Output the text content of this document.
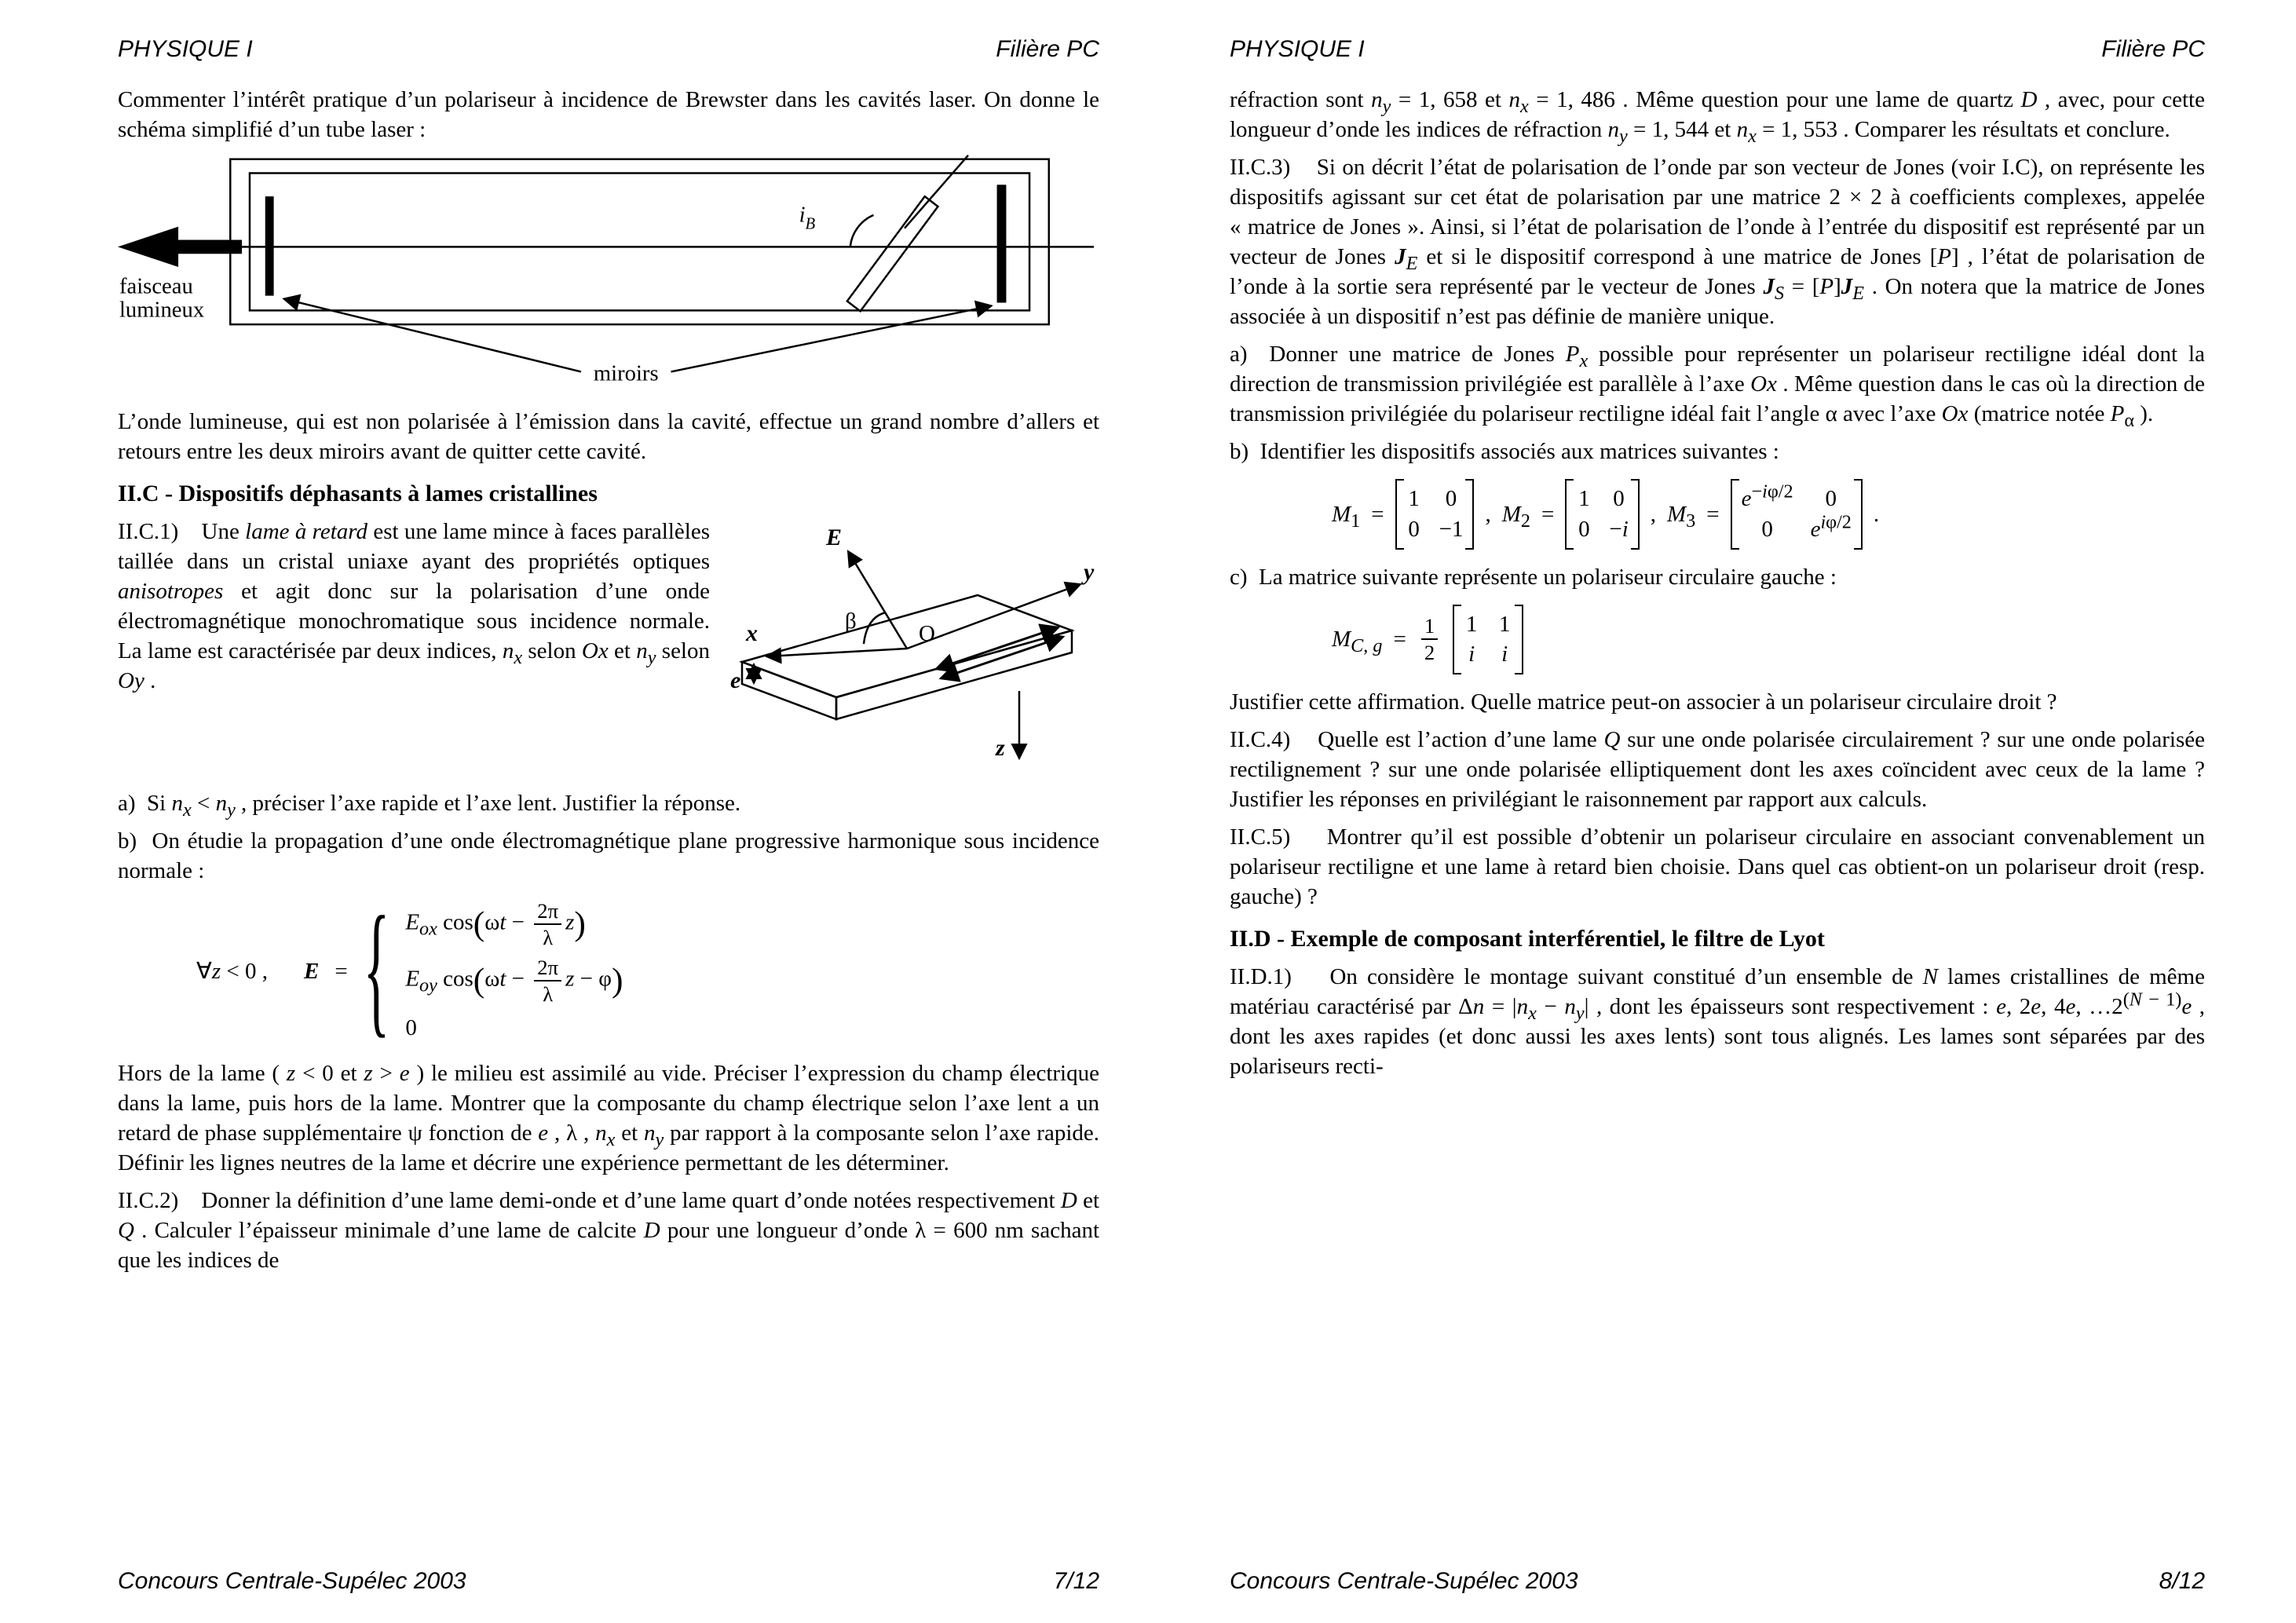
PHYSIQUE I	Filière PC

Commenter l’intérêt pratique d’un polariseur à incidence de Brewster dans les cavités laser. On donne le schéma simplifié d’un tube laser :

$i_B$
faisceau
lumineux
miroirs

L’onde lumineuse, qui est non polarisée à l’émission dans la cavité, effectue un grand nombre d’allers et retours entre les deux miroirs avant de quitter cette cavité.

II.C - Dispositifs déphasants à lames cristallines
E
y
x	O
β
e
z

II.C.1)    Une lame à retard est une lame mince à faces parallèles taillée dans un cristal uniaxe ayant des propriétés optiques anisotropes et agit donc sur la polarisation d’une onde électromagnétique monochromatique sous incidence normale. La lame est caractérisée par deux indices, $n_x$ selon Ox et $n_y$ selon Oy .

a)  Si $n_x < n_y$ , préciser l’axe rapide et l’axe lent. Justifier la réponse.

b)  On étudie la propagation d’une onde électromagnétique plane progressive harmonique sous incidence normale :

∀z < 0 , E = { $E_{ox}$ $\cos(\omega t - \frac{2\pi}{\lambda} z)$
$E_{oy}$ $\cos(\omega t - \frac{2\pi}{\lambda}$ z − φ)
0

Hors de la lame ( z < 0 et z > e ) le milieu est assimilé au vide. Préciser l’expression du champ électrique dans la lame, puis hors de la lame. Montrer que la composante du champ électrique selon l’axe lent a un retard de phase supplémentaire ψ fonction de e , λ , $n_x$ et $n_y$ par rapport à la composante selon l’axe rapide. Définir les lignes neutres de la lame et décrire une expérience permettant de les déterminer.

II.C.2)    Donner la définition d’une lame demi-onde et d’une lame quart d’onde notées respectivement D et Q . Calculer l’épaisseur minimale d’une lame de calcite D pour une longueur d’onde λ = 600 nm sachant que les indices de

Concours Centrale-Supélec 2003	7/12
PHYSIQUE I	Filière PC

réfraction sont $n_y = 1$, 658 et $n_x = 1$, 486 . Même question pour une lame de quartz D , avec, pour cette longueur d’onde les indices de réfraction $n_y = 1$, 544 et $n_x = 1$, 553 . Comparer les résultats et conclure.

II.C.3)    Si on décrit l’état de polarisation de l’onde par son vecteur de Jones (voir I.C), on représente les dispositifs agissant sur cet état de polarisation par une matrice 2 × 2 à coefficients complexes, appelée « matrice de Jones ». Ainsi, si l’état de polarisation de l’onde à l’entrée du dispositif est représenté par un vecteur de Jones $J_E$ et si le dispositif correspond à une matrice de Jones [P] , l’état de polarisation de l’onde à la sortie sera représenté par le vecteur de Jones $J_S = [P]J_E$ . On notera que la matrice de Jones associée à un dispositif n’est pas définie de manière unique.

a)  Donner une matrice de Jones $P_x$ possible pour représenter un polariseur rectiligne idéal dont la direction de transmission privilégiée est parallèle à l’axe Ox . Même question dans le cas où la direction de transmission privilégiée du polariseur rectiligne idéal fait l’angle α avec l’axe Ox (matrice notée $P_\alpha$ ).

b)  Identifier les dispositifs associés aux matrices suivantes :

$M_1$ =
1 0
0 −1
, $M_2$ =
1 0
0 −i
, $M_3$ =
$e^{-i\varphi/2}$	0
0	$e^{i\varphi/2}$ .

c)  La matrice suivante représente un polariseur circulaire gauche :

$M_{C, g} = \frac{1}{2} 1$ 1
i i

Justifier cette affirmation. Quelle matrice peut-on associer à un polariseur circulaire droit ?

II.C.4)    Quelle est l’action d’une lame Q sur une onde polarisée circulairement ? sur une onde polarisée rectilignement ? sur une onde polarisée elliptiquement dont les axes coïncident avec ceux de la lame ? Justifier les réponses en privilégiant le raisonnement par rapport aux calculs.

II.C.5)    Montrer qu’il est possible d’obtenir un polariseur circulaire en associant convenablement un polariseur rectiligne et une lame à retard bien choisie. Dans quel cas obtient-on un polariseur droit (resp. gauche) ?

II.D - Exemple de composant interférentiel, le filtre de Lyot

II.D.1)    On considère le montage suivant constitué d’un ensemble de N lames cristallines de même matériau caractérisé par $\Delta n = |n_x - n_y|$ , dont les épaisseurs sont respectivement : e, 2e, 4e, $\dots 2^{(N - 1)}e$ , dont les axes rapides (et donc aussi les axes lents) sont tous alignés. Les lames sont séparées par des polariseurs recti-

Concours Centrale-Supélec 2003	8/12
